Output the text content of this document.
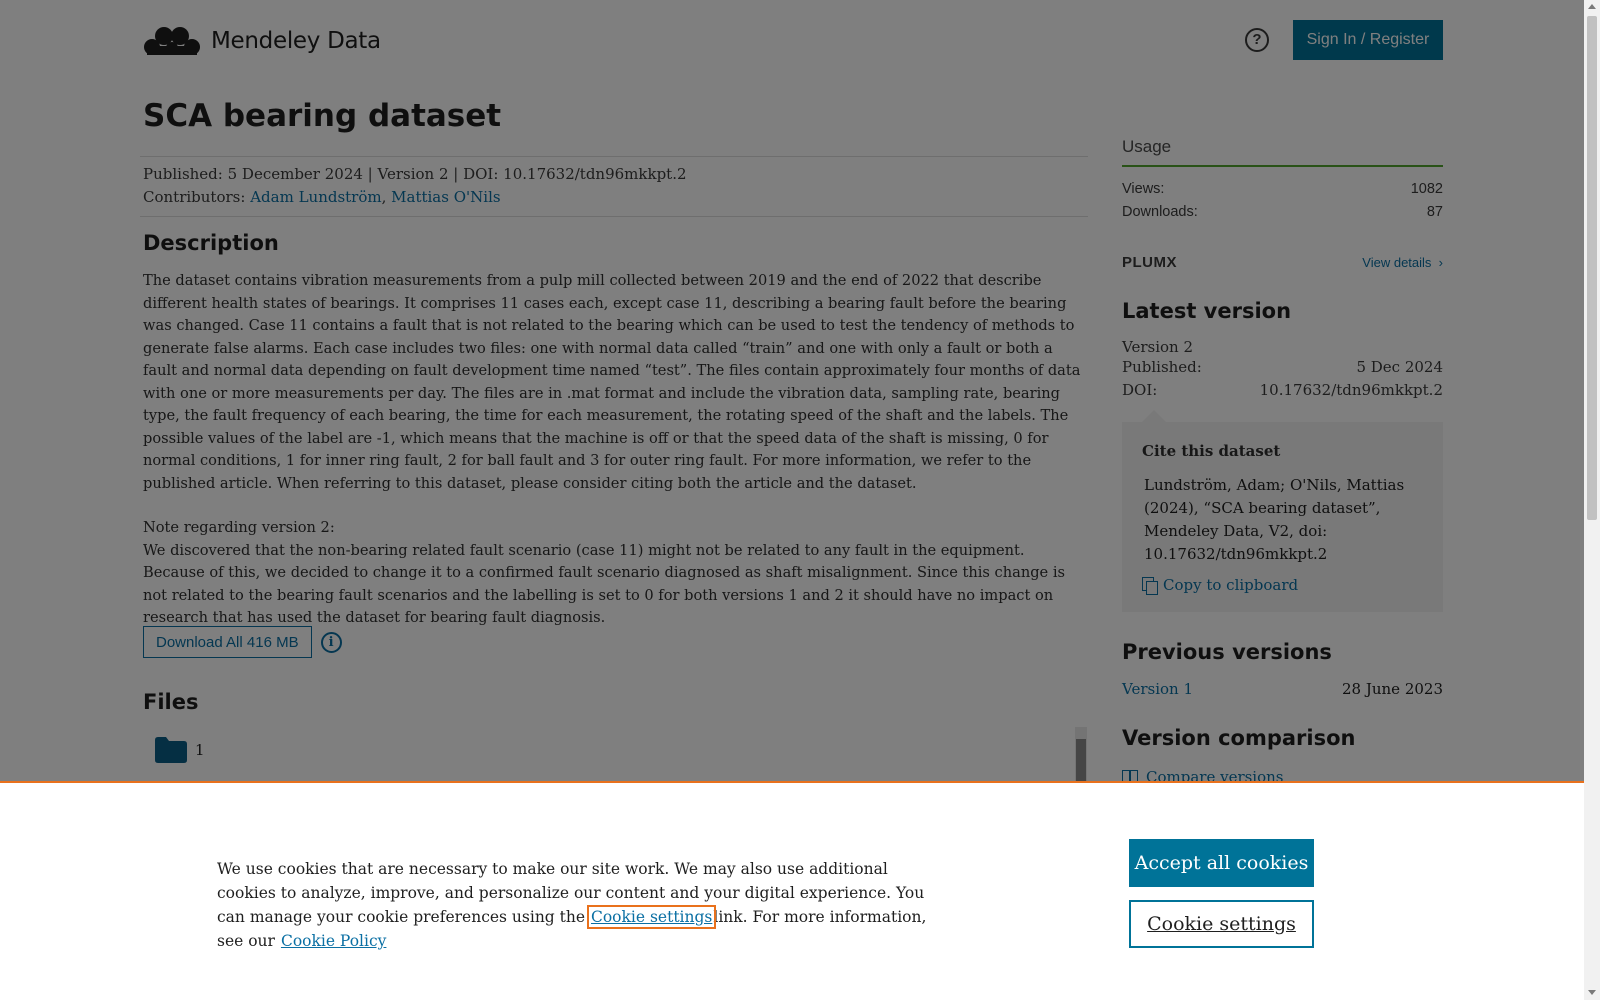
We use cookies that are necessary to make our site work. We may also use additional cookies to analyze, improve, and personalize our content and your digital experience. You can manage your cookie preferences using the Cookie settingslink. For more information, see our Cookie Policy
Accept all cookies
Cookie settings
